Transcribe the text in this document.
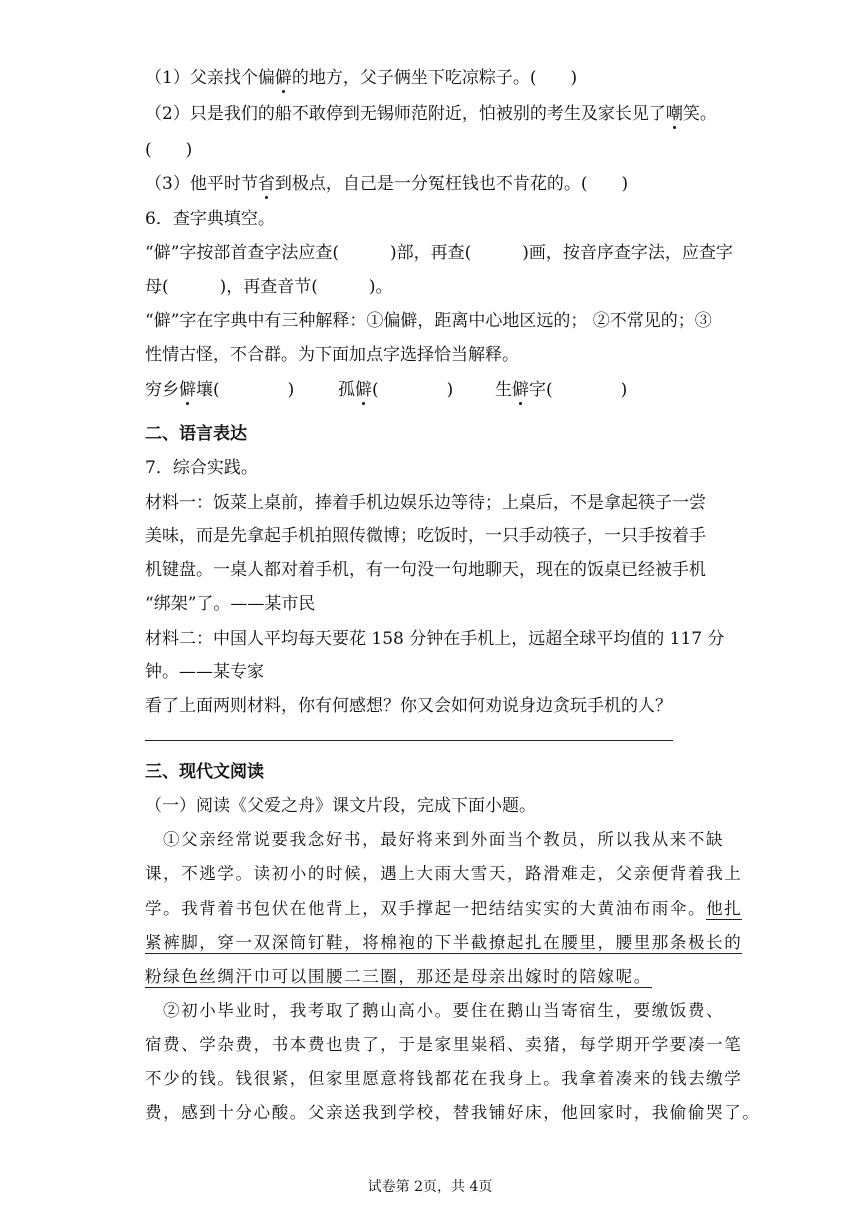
（1）父亲找个偏僻的地方，父子俩坐下吃凉粽子。(　　)
（2）只是我们的船不敢停到无锡师范附近，怕被别的考生及家长见了嘲笑。
(　　)
（3）他平时节省到极点，自己是一分冤枉钱也不肯花的。(　　)
6．查字典填空。
“僻”字按部首查字法应查(　　　)部，再查(　　　)画，按音序查字法，应查字
母(　　　)，再查音节(　　　)。
“僻”字在字典中有三种解释：①偏僻，距离中心地区远的； ②不常见的；③
性情古怪，不合群。为下面加点字选择恰当解释。
穷乡僻壤(　　　　)	孤僻(　　　　) 生僻字(　　　　)
二、语言表达
7．综合实践。
材料一：饭菜上桌前，捧着手机边娱乐边等待；上桌后，不是拿起筷子一尝
美味，而是先拿起手机拍照传微博；吃饭时，一只手动筷子，一只手按着手
机键盘。一桌人都对着手机，有一句没一句地聊天，现在的饭桌已经被手机
“绑架”了。——某市民
材料二：中国人平均每天要花 158 分钟在手机上，远超全球平均值的 117 分
钟。——某专家
看了上面两则材料，你有何感想？你又会如何劝说身边贪玩手机的人？
三、现代文阅读
（一）阅读《父爱之舟》课文片段，完成下面小题。
①父亲经常说要我念好书，最好将来到外面当个教员，所以我从来不缺
课，不逃学。读初小的时候，遇上大雨大雪天，路滑难走，父亲便背着我上
学。我背着书包伏在他背上，双手撑起一把结结实实的大黄油布雨伞。他扎
紧裤脚，穿一双深筒钉鞋，将棉袍的下半截撩起扎在腰里，腰里那条极长的
粉绿色丝绸汗巾可以围腰二三圈，那还是母亲出嫁时的陪嫁呢。
②初小毕业时，我考取了鹅山高小。要住在鹅山当寄宿生，要缴饭费、
宿费、学杂费，书本费也贵了，于是家里粜稻、卖猪，每学期开学要凑一笔
不少的钱。钱很紧，但家里愿意将钱都花在我身上。我拿着凑来的钱去缴学
费，感到十分心酸。父亲送我到学校，替我铺好床，他回家时，我偷偷哭了。
试卷第 2页，共 4页
